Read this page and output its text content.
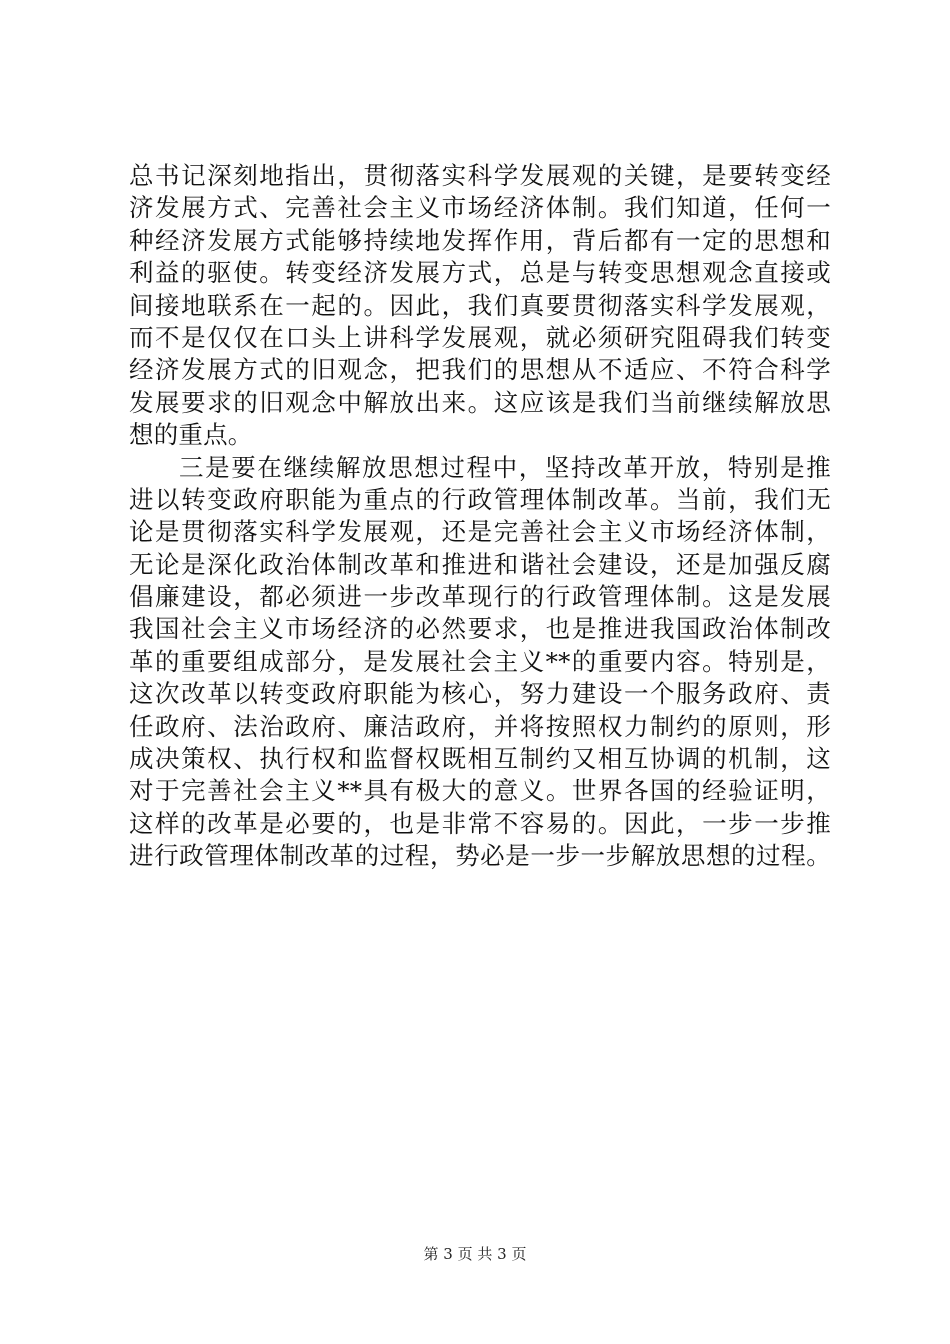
总书记深刻地指出，贯彻落实科学发展观的关键，是要转变经
济发展方式、完善社会主义市场经济体制。我们知道，任何一
种经济发展方式能够持续地发挥作用，背后都有一定的思想和
利益的驱使。转变经济发展方式，总是与转变思想观念直接或
间接地联系在一起的。因此，我们真要贯彻落实科学发展观，
而不是仅仅在口头上讲科学发展观，就必须研究阻碍我们转变
经济发展方式的旧观念，把我们的思想从不适应、不符合科学
发展要求的旧观念中解放出来。这应该是我们当前继续解放思
想的重点。
三是要在继续解放思想过程中，坚持改革开放，特别是推
进以转变政府职能为重点的行政管理体制改革。当前，我们无
论是贯彻落实科学发展观，还是完善社会主义市场经济体制，
无论是深化政治体制改革和推进和谐社会建设，还是加强反腐
倡廉建设，都必须进一步改革现行的行政管理体制。这是发展
我国社会主义市场经济的必然要求，也是推进我国政治体制改
革的重要组成部分，是发展社会主义**的重要内容。特别是，
这次改革以转变政府职能为核心，努力建设一个服务政府、责
任政府、法治政府、廉洁政府，并将按照权力制约的原则，形
成决策权、执行权和监督权既相互制约又相互协调的机制，这
对于完善社会主义**具有极大的意义。世界各国的经验证明，
这样的改革是必要的，也是非常不容易的。因此，一步一步推
进行政管理体制改革的过程，势必是一步一步解放思想的过程。
第 3 页 共 3 页
